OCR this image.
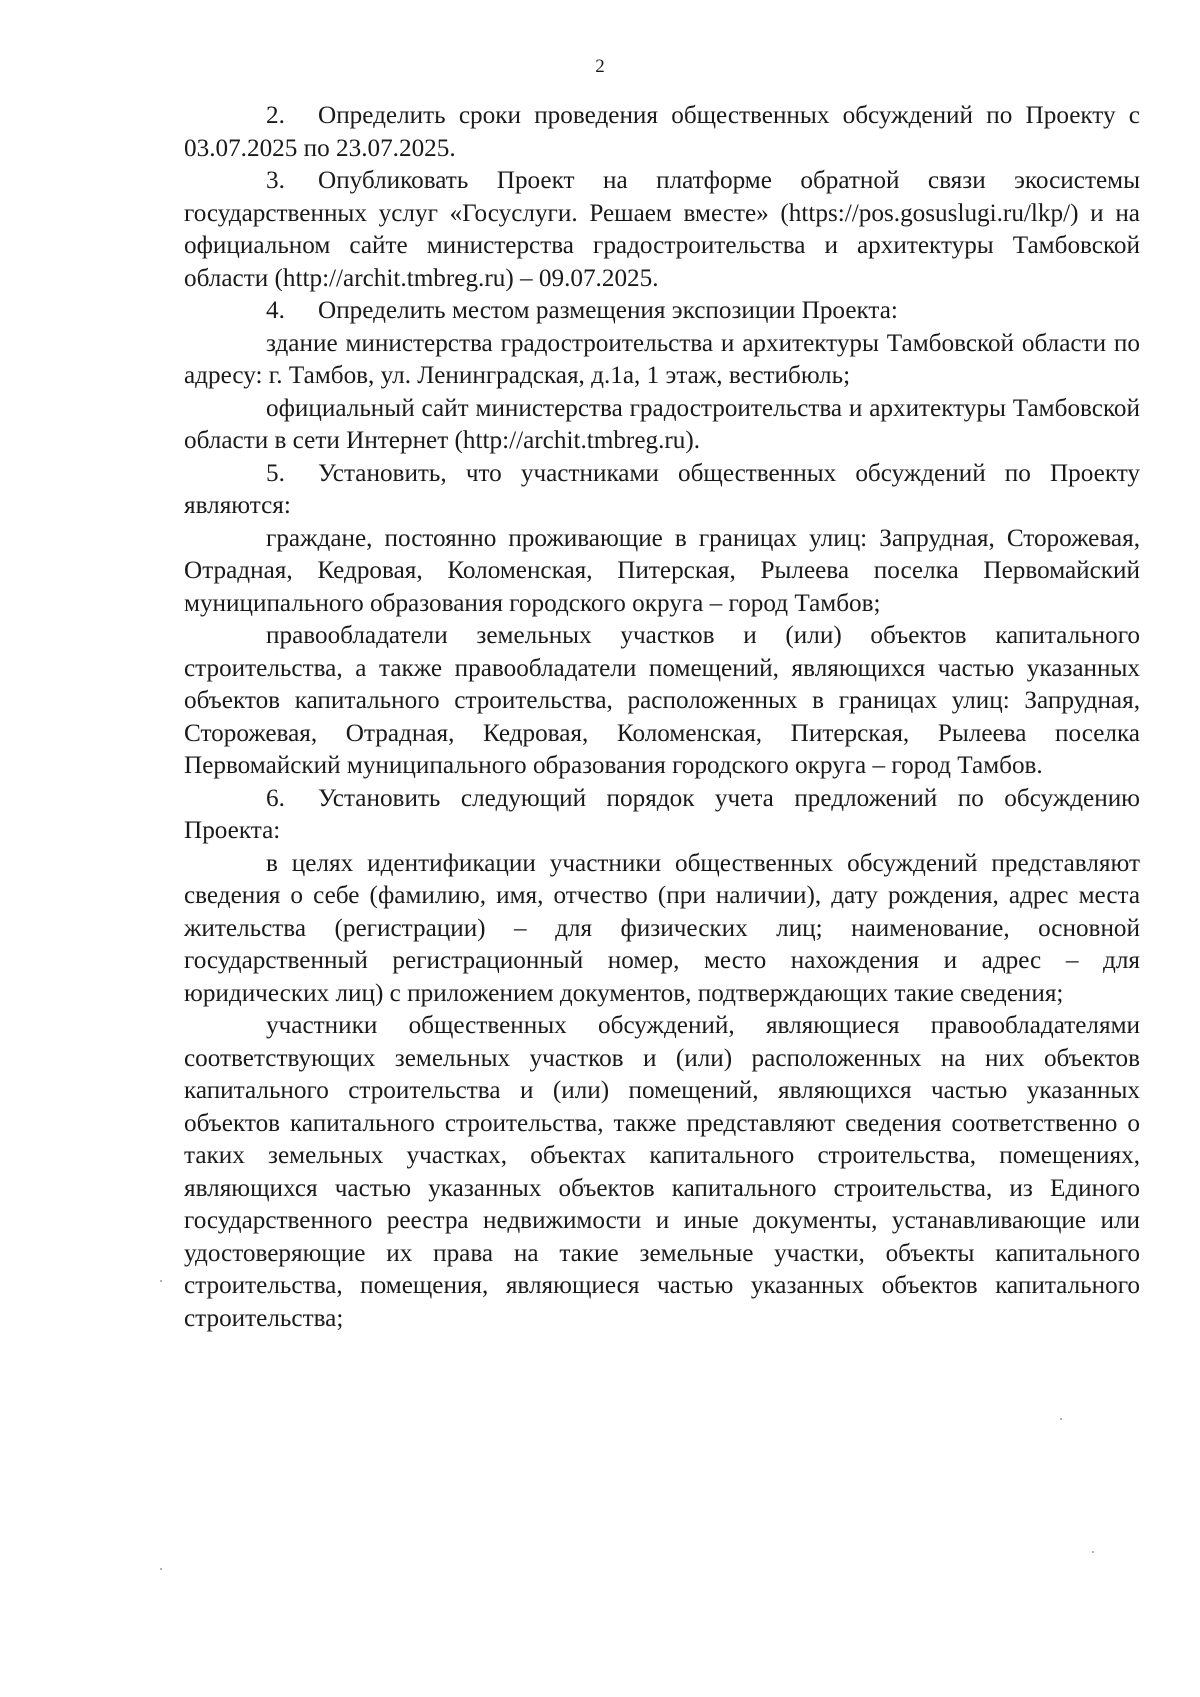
2

2. Определить сроки проведения общественных обсуждений по Проекту с 03.07.2025 по 23.07.2025.

3. Опубликовать Проект на платформе обратной связи экосистемы государственных услуг «Госуслуги. Решаем вместе» (https://pos.gosuslugi.ru/lkp/) и на официальном сайте министерства градостроительства и архитектуры Тамбовской области (http://archit.tmbreg.ru) – 09.07.2025.

4. Определить местом размещения экспозиции Проекта:

здание министерства градостроительства и архитектуры Тамбовской области по адресу: г. Тамбов, ул. Ленинградская, д.1а, 1 этаж, вестибюль;

официальный сайт министерства градостроительства и архитектуры Тамбовской области в сети Интернет (http://archit.tmbreg.ru).

5. Установить, что участниками общественных обсуждений по Проекту являются:

граждане, постоянно проживающие в границах улиц: Запрудная, Сторожевая, Отрадная, Кедровая, Коломенская, Питерская, Рылеева поселка Первомайский муниципального образования городского округа – город Тамбов;

правообладатели земельных участков и (или) объектов капитального строительства, а также правообладатели помещений, являющихся частью указанных объектов капитального строительства, расположенных в границах улиц: Запрудная, Сторожевая, Отрадная, Кедровая, Коломенская, Питерская, Рылеева поселка Первомайский муниципального образования городского округа – город Тамбов.

6. Установить следующий порядок учета предложений по обсуждению Проекта:

в целях идентификации участники общественных обсуждений представляют сведения о себе (фамилию, имя, отчество (при наличии), дату рождения, адрес места жительства (регистрации) – для физических лиц; наименование, основной государственный регистрационный номер, место нахождения и адрес – для юридических лиц) с приложением документов, подтверждающих такие сведения;

участники общественных обсуждений, являющиеся правообладателями соответствующих земельных участков и (или) расположенных на них объектов капитального строительства и (или) помещений, являющихся частью указанных объектов капитального строительства, также представляют сведения соответственно о таких земельных участках, объектах капитального строительства, помещениях, являющихся частью указанных объектов капитального строительства, из Единого государственного реестра недвижимости и иные документы, устанавливающие или удостоверяющие их права на такие земельные участки, объекты капитального строительства, помещения, являющиеся частью указанных объектов капитального строительства;
